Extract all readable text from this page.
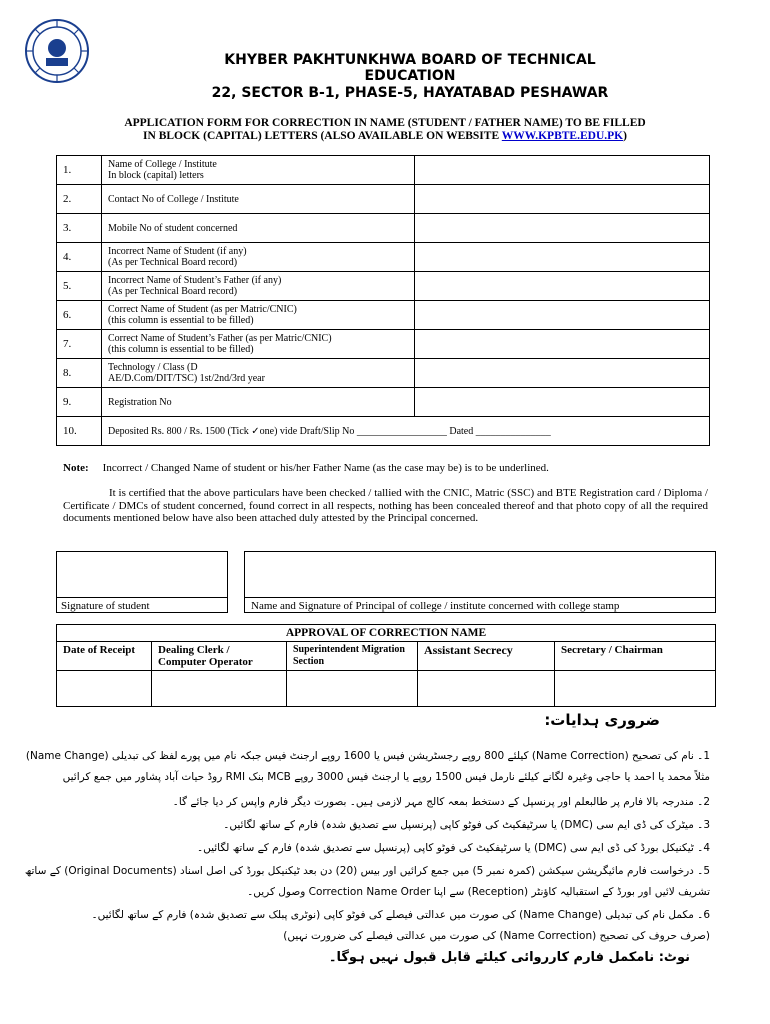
KHYBER PAKHTUNKHWA BOARD OF TECHNICAL
EDUCATION
22, SECTOR B-1, PHASE-5, HAYATABAD PESHAWAR
APPLICATION FORM FOR CORRECTION IN NAME (STUDENT / FATHER NAME) TO BE FILLED
IN BLOCK (CAPITAL) LETTERS (ALSO AVAILABLE ON WEBSITE WWW.KPBTE.EDU.PK)
1.	Name of College / Institute
In block (capital) letters	

2.	Contact No of College / Institute	

3.	Mobile No of student concerned	

4.	Incorrect Name of Student (if any)
(As per Technical Board record)	

5.	Incorrect Name of Student’s Father (if any)
(As per Technical Board record)	

6.	Correct Name of Student (as per Matric/CNIC)
(this column is essential to be filled)	

7.	Correct Name of Student’s Father (as per Matric/CNIC)
(this column is essential to be filled)	

8.	Technology / Class (D
AE/D.Com/DIT/TSC) 1st/2nd/3rd year	

9.	Registration No	

10.	Deposited Rs. 800 / Rs. 1500 (Tick ✓one) vide Draft/Slip No __________________ Dated _______________	
Note: Incorrect / Changed Name of student or his/her Father Name (as the case may be) is to be underlined.
It is certified that the above particulars have been checked / tallied with the CNIC, Matric (SSC) and BTE Registration card / Diploma / Certificate / DMCs of student concerned, found correct in all respects, nothing has been concealed thereof and that photo copy of all the required documents mentioned below have also been attached duly attested by the Principal concerned.
Signature of student	Name and Signature of Principal of college / institute concerned with college stamp
APPROVAL OF CORRECTION NAME				
Date of Receipt	Dealing Clerk / Computer Operator	Superintendent Migration Section	Assistant Secrecy	Secretary / Chairman

ضروری ہدایات:
1۔ نام کی تصحیح (Name Correction) کیلئے 800 روپے رجسٹریشن فیس یا 1600 روپے ارجنٹ فیس جبکہ نام میں پورے لفظ کی تبدیلی (Name Change)
مثلاً محمد یا احمد یا حاجی وغیرہ لگانے کیلئے نارمل فیس 1500 روپے یا ارجنٹ فیس 3000 روپے MCB بنک RMI روڈ حیات آباد پشاور میں جمع کرائیں
2۔ مندرجہ بالا فارم پر طالبعلم اور پرنسپل کے دستخط بمعہ کالج مہر لازمی ہیں۔ بصورت دیگر فارم واپس کر دیا جائے گا۔
3۔ میٹرک کی ڈی ایم سی (DMC) یا سرٹیفکیٹ کی فوٹو کاپی (پرنسپل سے تصدیق شدہ) فارم کے ساتھ لگائیں۔
4۔ ٹیکنیکل بورڈ کی ڈی ایم سی (DMC) یا سرٹیفکیٹ کی فوٹو کاپی (پرنسپل سے تصدیق شدہ) فارم کے ساتھ لگائیں۔
5۔ درخواست فارم مائیگریشن سیکشن (کمرہ نمبر 5) میں جمع کرائیں اور بیس (20) دن بعد ٹیکنیکل بورڈ کی اصل اسناد (Original Documents) کے ساتھ
تشریف لائیں اور بورڈ کے استقبالیہ کاؤنٹر (Reception) سے اپنا Correction Name Order وصول کریں۔
6۔ مکمل نام کی تبدیلی (Name Change) کی صورت میں عدالتی فیصلے کی فوٹو کاپی (نوٹری پبلک سے تصدیق شدہ) فارم کے ساتھ لگائیں۔
(صرف حروف کی تصحیح (Name Correction) کی صورت میں عدالتی فیصلے کی ضرورت نہیں)
نوٹ: نامکمل فارم کارروائی کیلئے قابل قبول نہیں ہوگا۔
